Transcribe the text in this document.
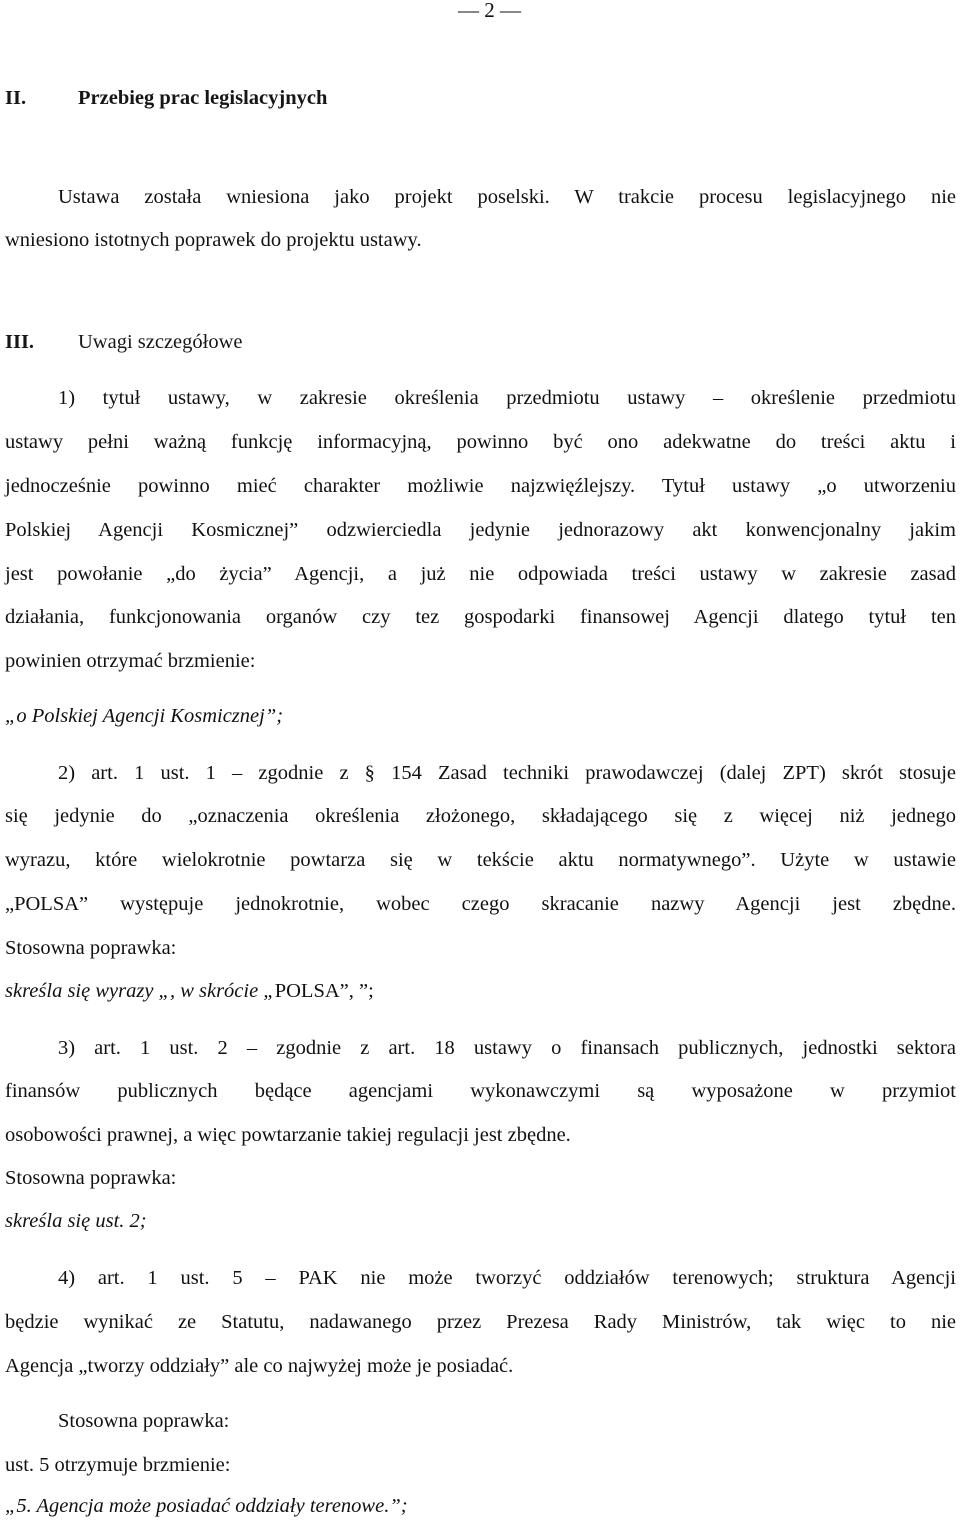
— 2 —
II.	Przebieg prac legislacyjnych
Ustawa została wniesiona jako projekt poselski. W trakcie procesu legislacyjnego nie
wniesiono istotnych poprawek do projektu ustawy.
III. Uwagi szczegółowe
1) tytuł ustawy, w zakresie określenia przedmiotu ustawy – określenie przedmiotu
ustawy pełni ważną funkcję informacyjną, powinno być ono adekwatne do treści aktu i
jednocześnie powinno mieć charakter możliwie najzwięźlejszy. Tytuł ustawy „o utworzeniu
Polskiej Agencji Kosmicznej” odzwierciedla jedynie jednorazowy akt konwencjonalny jakim
jest powołanie „do życia” Agencji, a już nie odpowiada treści ustawy w zakresie zasad
działania, funkcjonowania organów czy tez gospodarki finansowej Agencji dlatego tytuł ten
powinien otrzymać brzmienie:
„o Polskiej Agencji Kosmicznej”;
2) art. 1 ust. 1 – zgodnie z § 154 Zasad techniki prawodawczej (dalej ZPT) skrót stosuje
się jedynie do „oznaczenia określenia złożonego, składającego się z więcej niż jednego
wyrazu, które wielokrotnie powtarza się w tekście aktu normatywnego”. Użyte w ustawie
„POLSA” występuje jednokrotnie, wobec czego skracanie nazwy Agencji jest zbędne.
Stosowna poprawka:
skreśla się wyrazy „, w skrócie „POLSA”, ”;
3) art. 1 ust. 2 – zgodnie z art. 18 ustawy o finansach publicznych, jednostki sektora
finansów publicznych będące agencjami wykonawczymi są wyposażone w przymiot
osobowości prawnej, a więc powtarzanie takiej regulacji jest zbędne.
Stosowna poprawka:
skreśla się ust. 2;
4) art. 1 ust. 5 – PAK nie może tworzyć oddziałów terenowych; struktura Agencji
będzie wynikać ze Statutu, nadawanego przez Prezesa Rady Ministrów, tak więc to nie
Agencja „tworzy oddziały” ale co najwyżej może je posiadać.
Stosowna poprawka:
ust. 5 otrzymuje brzmienie:
„5. Agencja może posiadać oddziały terenowe.”;
